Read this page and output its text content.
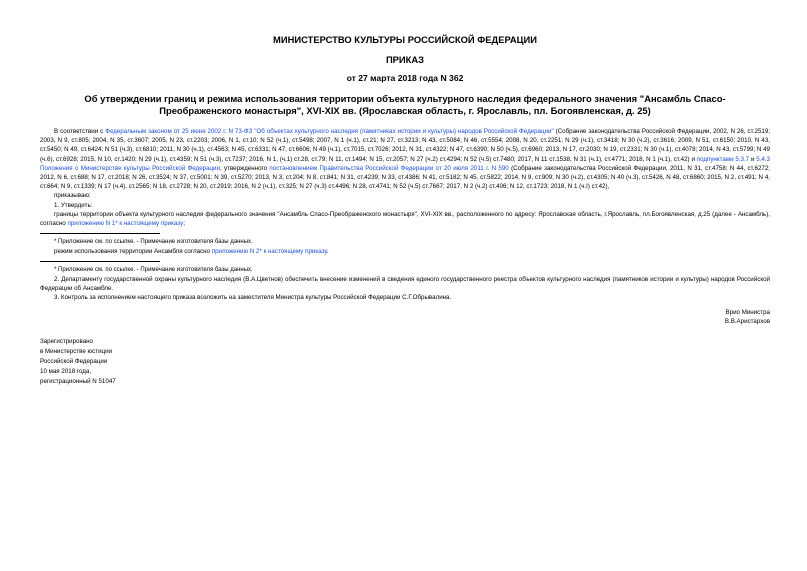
МИНИСТЕРСТВО КУЛЬТУРЫ РОССИЙСКОЙ ФЕДЕРАЦИИ
ПРИКАЗ
от 27 марта 2018 года N 362
Об утверждении границ и режима использования территории объекта культурного наследия федерального значения "Ансамбль Спасо-Преображенского монастыря", XVI-XIX вв. (Ярославская область, г. Ярославль, пл. Богоявленская, д. 25)

В соответствии с Федеральным законом от 25 июня 2002 г. N 73-ФЗ "Об объектах культурного наследия (памятниках истории и культуры) народов Российской Федерации" (Собрание законодательства Российской Федерации, 2002, N 26, ст.2519; 2003, N 9, ст.805; 2004, N 35, ст.3607; 2005, N 23, ст.2203; 2006, N 1, ст.10; N 52 (ч.1), ст.5498; 2007, N 1 (ч.1), ст.21; N 27, ст.3213; N 43, ст.5084; N 46, ст.5554; 2008, N 20, ст.2251; N 29 (ч.1), ст.3418; N 30 (ч.2), ст.3616; 2009, N 51, ст.6150; 2010, N 43, ст.5450; N 49, ст.6424; N 51 (ч.3), ст.6810; 2011, N 30 (ч.1), ст.4563; N 45, ст.6331; N 47, ст.6606; N 49 (ч.1), ст.7015, ст.7026; 2012, N 31, ст.4322; N 47, ст.6390; N 50 (ч.5), ст.6960; 2013, N 17, ст.2030; N 19, ст.2331; N 30 (ч.1), ст.4078; 2014, N 43, ст.5799; N 49 (ч.6), ст.6928; 2015, N 10, ст.1420; N 29 (ч.1), ст.4359; N 51 (ч.3), ст.7237; 2016, N 1, (ч.1) ст.28, ст.79; N 11, ст.1494; N 15, ст.2057; N 27 (ч.2) ст.4294; N 52 (ч.5) ст.7480; 2017, N 11 ст.1538, N 31 (ч.1), ст.4771; 2018, N 1 (ч.1), ст.42) и подпунктами 5.3.7 и 5.4.3 Положения о Министерстве культуры Российской Федерации, утвержденного постановлением Правительства Российской Федерации от 20 июля 2011 г. N 590 (Собрание законодательства Российской Федерации, 2011, N 31, ст.4758; N 44, ст.6272; 2012, N 6, ст.688; N 17, ст.2018; N 26, ст.3524; N 37, ст.5001; N 39, ст.5270; 2013, N 3, ст.204; N 8, ст.841; N 31, ст.4239; N 33, ст.4386; N 41, ст.5182; N 45, ст.5822; 2014, N 9, ст.909; N 30 (ч.2), ст.4305; N 40 (ч.3), ст.5426, N 48, ст.6860; 2015, N 2, ст.491; N 4, ст.664; N 9, ст.1339; N 17 (ч.4), ст.2565; N 18, ст.2728; N 20, ст.2919; 2016, N 2 (ч.1), ст.325; N 27 (ч.3) ст.4496; N 28, ст.4741; N 52 (ч.5) ст.7667; 2017, N 2 (ч.2) ст.406; N 12, ст.1723; 2018, N 1 (ч.I) ст.42),

приказываю:

1. Утвердить:

границы территории объекта культурного наследия федерального значения "Ансамбль Спасо-Преображенского монастыря", XVI-XIX вв., расположенного по адресу: Ярославская область, г.Ярославль, пл.Богоявленская, д.25 (далее - Ансамбль), согласно приложению N 1* к настоящему приказу;

* Приложение см. по ссылке. - Примечание изготовителя базы данных.

режим использования территории Ансамбля согласно приложению N 2* к настоящему приказу.

* Приложение см. по ссылке. - Примечание изготовителя базы данных.

2. Департаменту государственной охраны культурного наследия (В.А.Цветнов) обеспечить внесение изменений в сведения единого государственного реестра объектов культурного наследия (памятников истории и культуры) народов Российской Федерации об Ансамбле.

3. Контроль за исполнением настоящего приказа возложить на заместителя Министра культуры Российской Федерации С.Г.Обрывалина.

Врио Министра
В.В.Аристархов
Зарегистрировано
в Министерстве юстиции
Российской Федерации
10 мая 2018 года,
регистрационный N 51047
